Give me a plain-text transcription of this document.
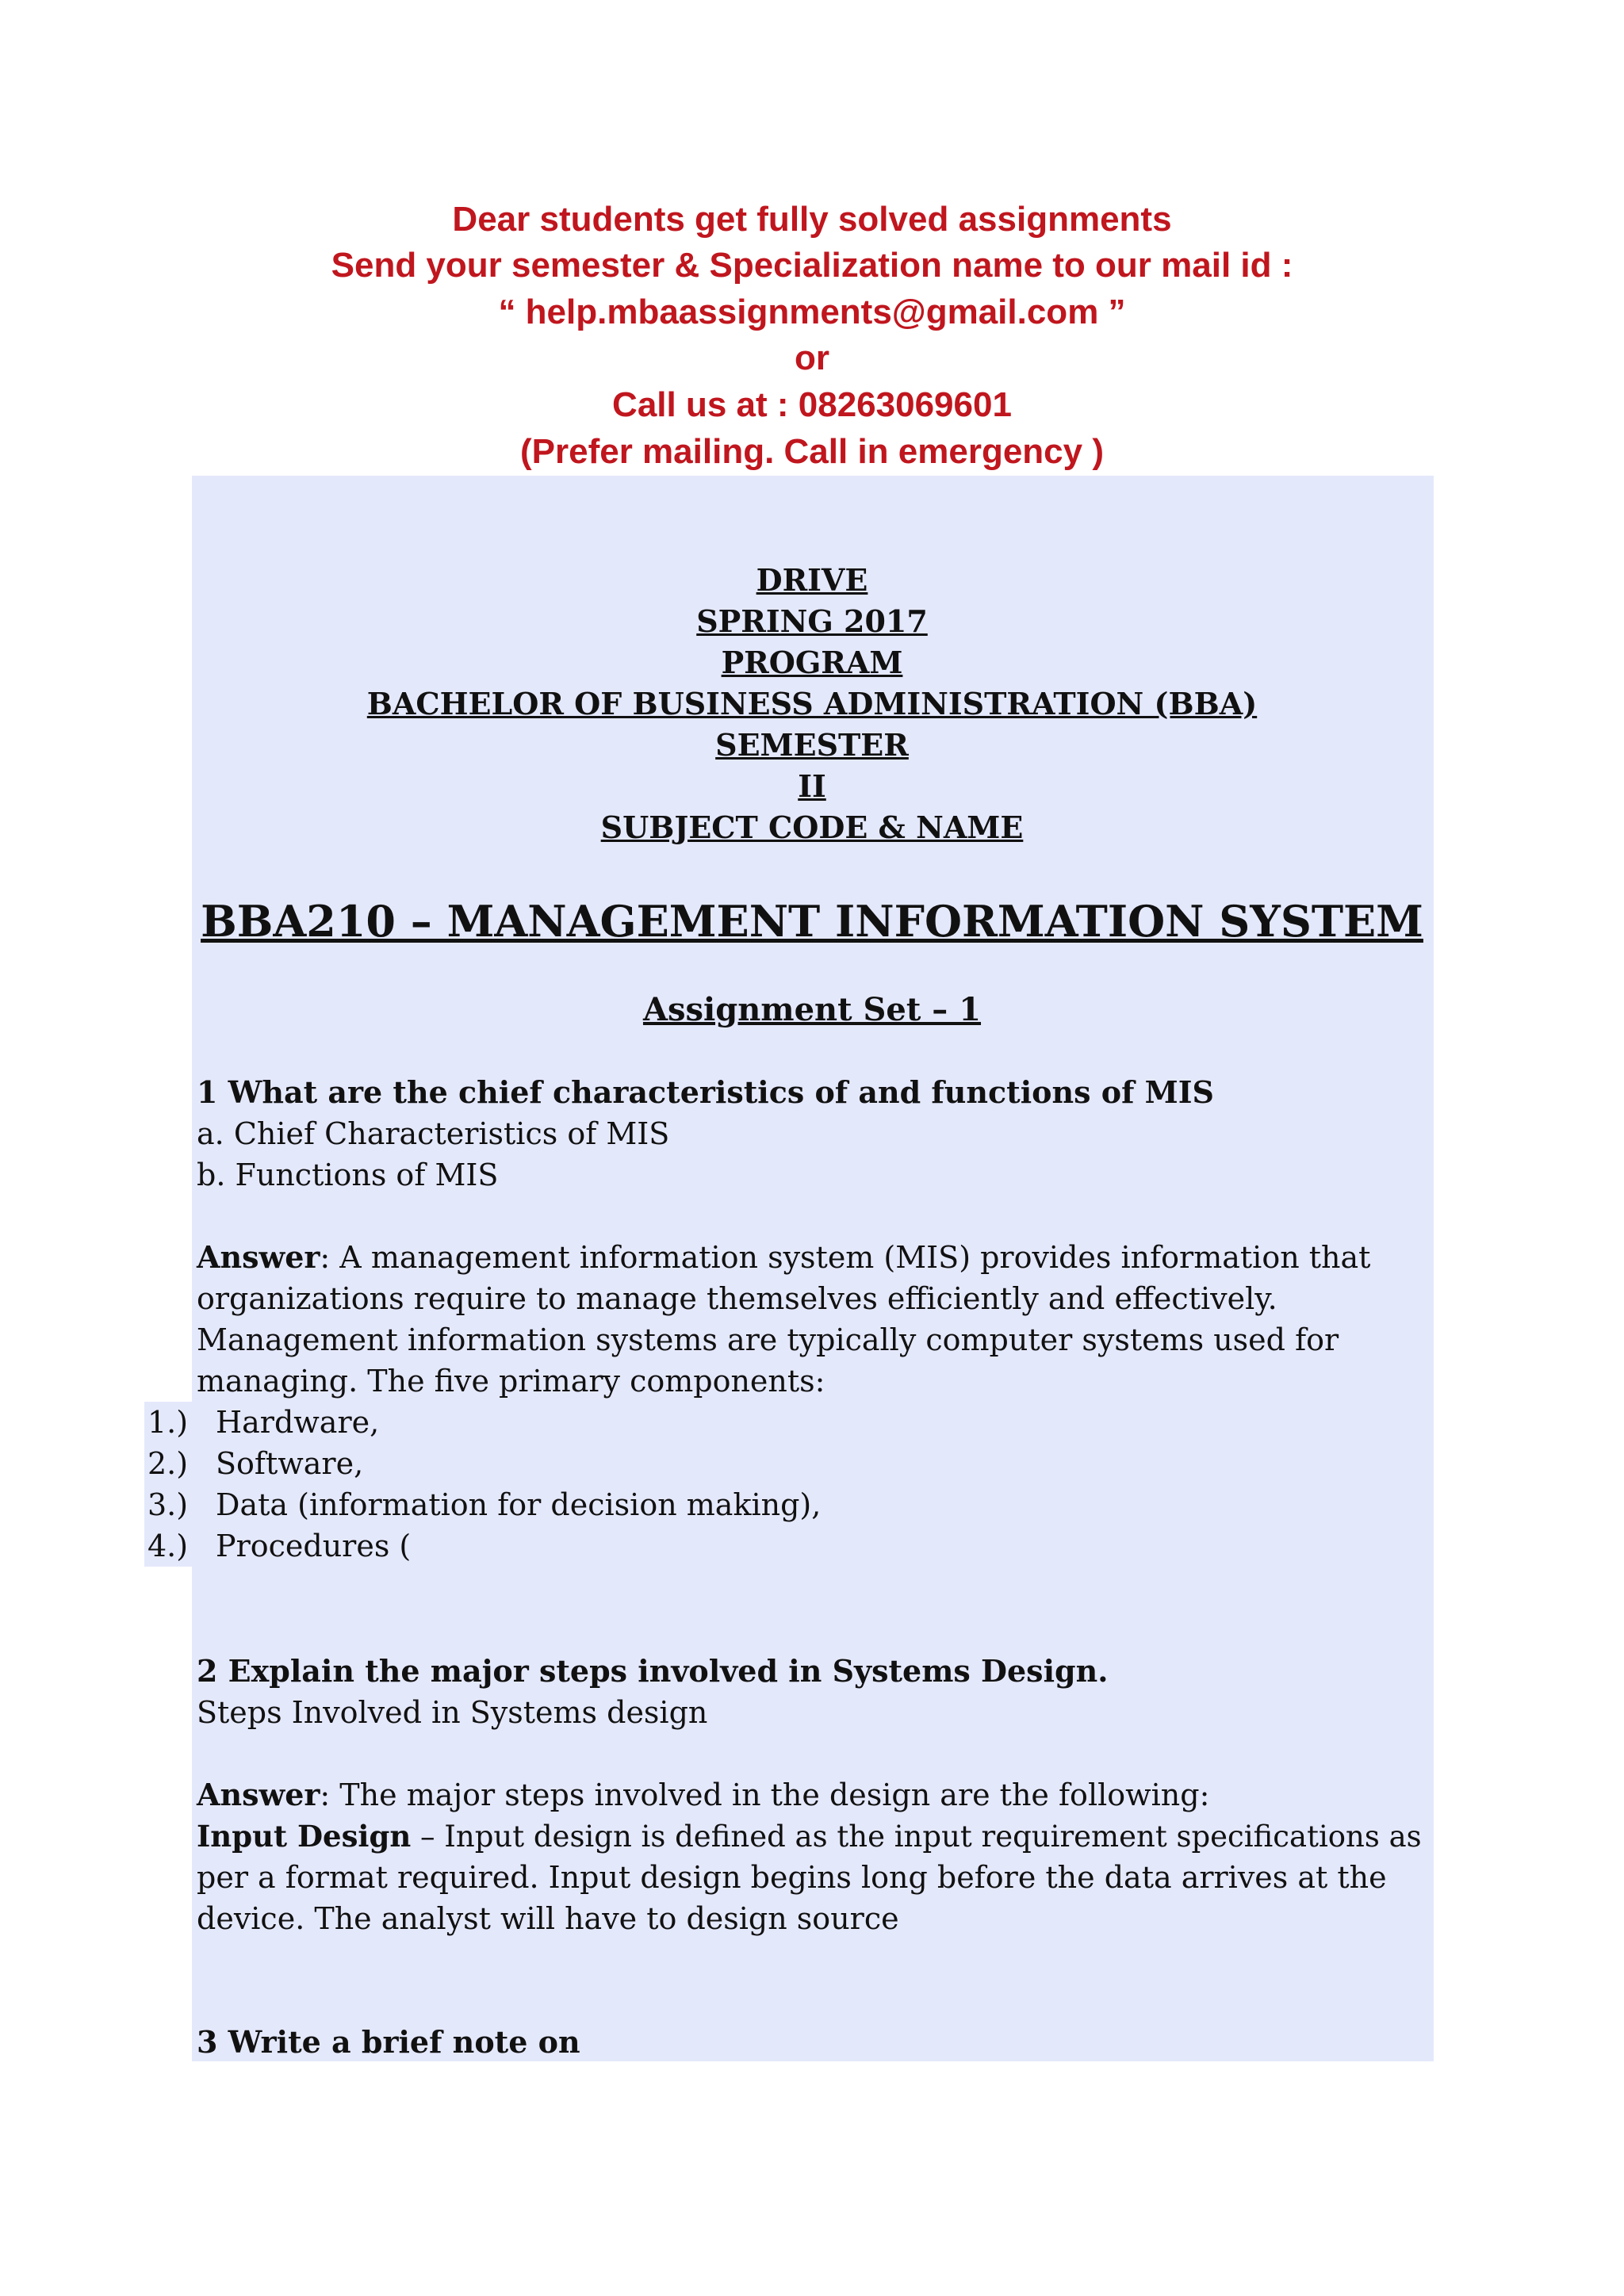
Dear students get fully solved assignments
Send your semester & Specialization name to our mail id :
“ help.mbaassignments@gmail.com ”
or
Call us at : 08263069601
(Prefer mailing. Call in emergency )
DRIVE
SPRING 2017
PROGRAM
BACHELOR OF BUSINESS ADMINISTRATION (BBA)
SEMESTER
II
SUBJECT CODE & NAME
BBA210 – MANAGEMENT INFORMATION SYSTEM
Assignment Set – 1
1 What are the chief characteristics of and functions of MIS
a. Chief Characteristics of MIS
b. Functions of MIS
Answer: A management information system (MIS) provides information that
organizations require to manage themselves efficiently and effectively.
Management information systems are typically computer systems used for
managing. The five primary components:
1.) Hardware,
2.) Software,
3.) Data (information for decision making),
4.) Procedures (
2 Explain the major steps involved in Systems Design.
Steps Involved in Systems design
Answer: The major steps involved in the design are the following:
Input Design – Input design is defined as the input requirement specifications as
per a format required. Input design begins long before the data arrives at the
device. The analyst will have to design source
3 Write a brief note on
